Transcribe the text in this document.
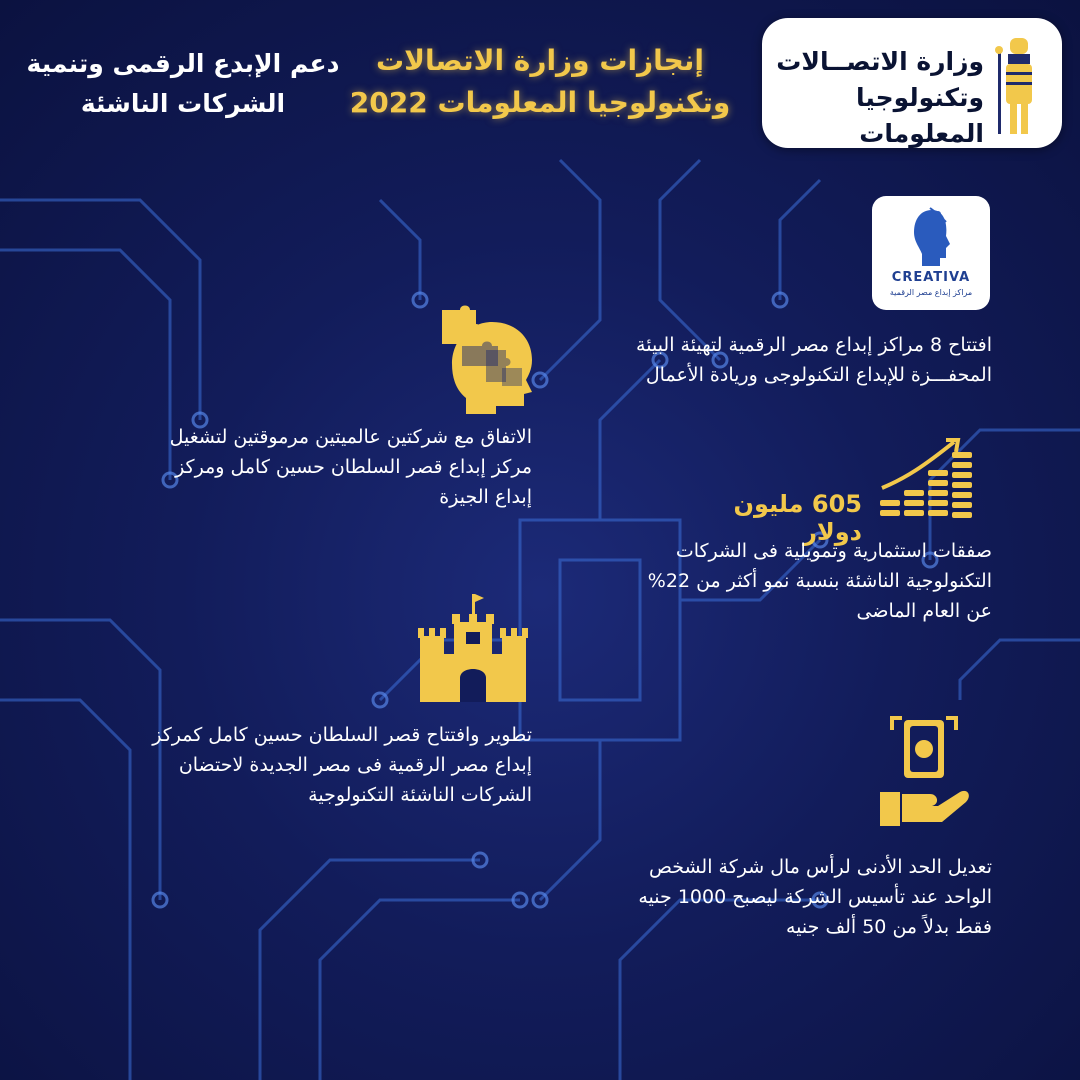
وزارة الاتصــالات
وتكنولوجيا المعلومات
إنجازات وزارة الاتصالات
وتكنولوجيا المعلومات 2022
دعم الإبدع الرقمى وتنمية
الشركات الناشئة
CREATIVA
مراكز إبداع مصر الرقمية
افتتاح 8 مراكز إبداع مصر الرقمية لتهيئة البيئة
المحفـــزة للإبداع التكنولوجى وريادة الأعمال
الاتفاق مع شركتين عالميتين مرموقتين لتشغيل
مركز إبداع قصر السلطان حسين كامل ومركز
إبداع الجيزة	605 مليون دولار
صفقات استثمارية وتمويلية فى الشركات
التكنولوجية الناشئة بنسبة نمو أكثر من 22%
عن العام الماضى
تطوير وافتتاح قصر السلطان حسين كامل كمركز
إبداع مصر الرقمية فى مصر الجديدة لاحتضان
الشركات الناشئة التكنولوجية
تعديل الحد الأدنى لرأس مال شركة الشخص
الواحد عند تأسيس الشركة ليصبح 1000 جنيه
فقط بدلاً من 50 ألف جنيه
